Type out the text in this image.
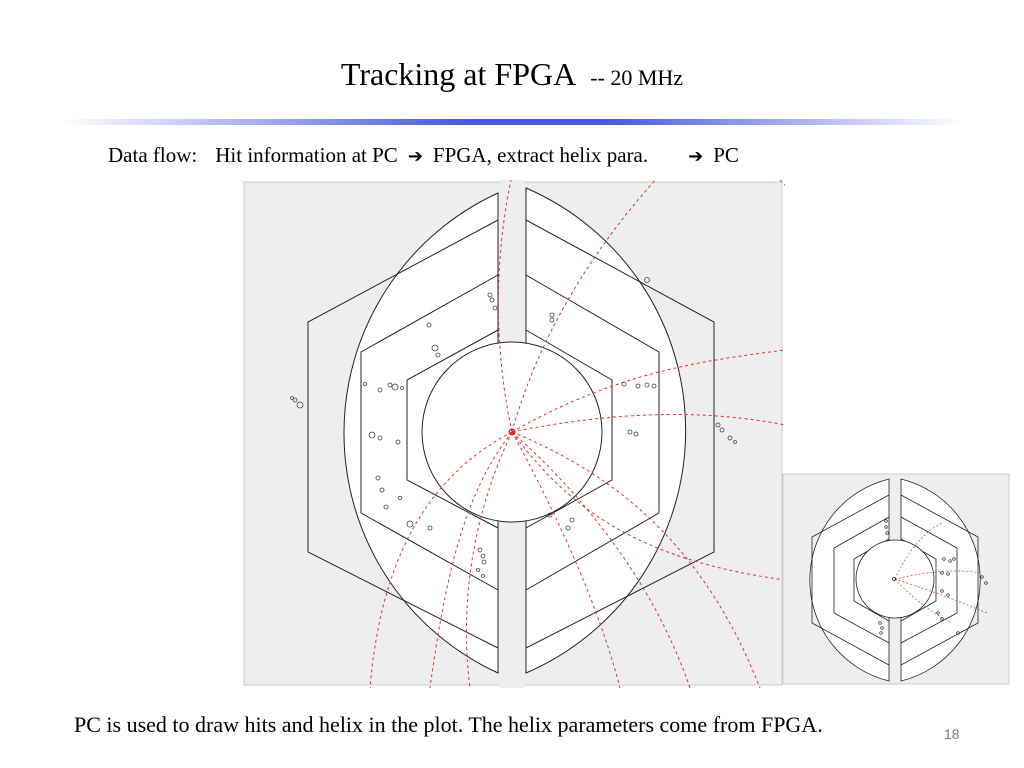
Tracking at FPGA -- 20 MHz
Data flow: Hit information at PC ➔ FPGA, extract helix para. ➔ PC
PC is used to draw hits and helix in the plot. The helix parameters come from FPGA.	18
